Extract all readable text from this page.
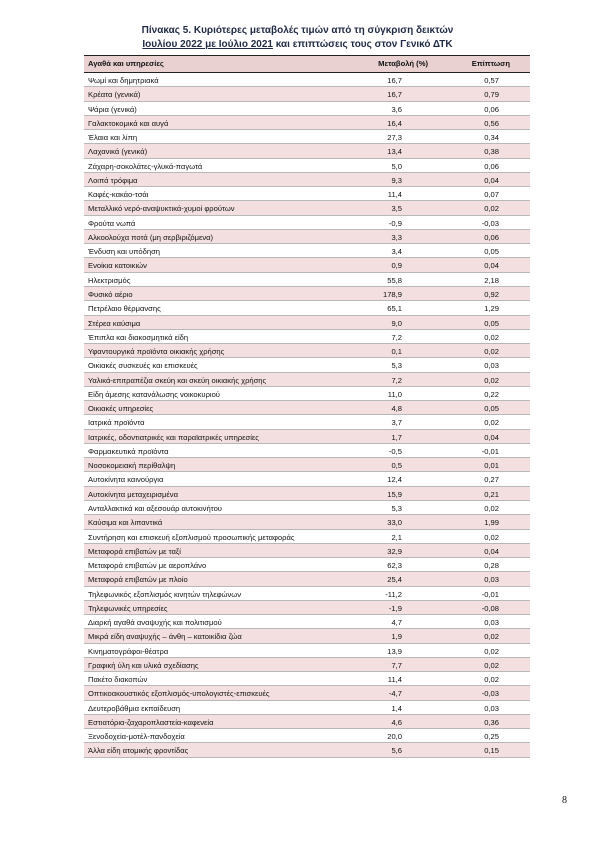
Πίνακας 5. Κυριότερες μεταβολές τιμών από τη σύγκριση δεικτών
Ιουλίου 2022 με Ιούλιο 2021 και επιπτώσεις τους στον Γενικό ΔΤΚ
Αγαθά και υπηρεσίες	Μεταβολή (%)	Επίπτωση
Ψωμί και δημητριακά	16,7	0,57
Κρέατα (γενικά)	16,7	0,79
Ψάρια (γενικά)	3,6	0,06
Γαλακτοκομικά και αυγά	16,4	0,56
Έλαια και λίπη	27,3	0,34
Λαχανικά (γενικά)	13,4	0,38
Ζάχαρη-σοκολάτες-γλυκά-παγωτά	5,0	0,06
Λοιπά τρόφιμα	9,3	0,04
Καφές-κακάο-τσάι	11,4	0,07
Μεταλλικό νερό-αναψυκτικά-χυμοί φρούτων	3,5	0,02
Φρούτα νωπά	-0,9	-0,03
Αλκοολούχα ποτά (μη σερβιριζόμενα)	3,3	0,06
Ένδυση και υπόδηση	3,4	0,05
Ενοίκια κατοικιών	0,9	0,04
Ηλεκτρισμός	55,8	2,18
Φυσικό αέριο	178,9	0,92
Πετρέλαιο θέρμανσης	65,1	1,29
Στέρεα καύσιμα	9,0	0,05
Έπιπλα και διακοσμητικά είδη	7,2	0,02
Υφαντουργικά προϊόντα οικιακής χρήσης	0,1	0,02
Οικιακές συσκευές και επισκευές	5,3	0,03
Υαλικά-επιτραπέζια σκεύη και σκεύη οικιακής χρήσης	7,2	0,02
Είδη άμεσης κατανάλωσης νοικοκυριού	11,0	0,22
Οικιακές υπηρεσίες	4,8	0,05
Ιατρικά προϊόντα	3,7	0,02
Ιατρικές, οδοντιατρικές και παραϊατρικές υπηρεσίες	1,7	0,04
Φαρμακευτικά προϊόντα	-0,5	-0,01
Νοσοκομειακή περίθαλψη	0,5	0,01
Αυτοκίνητα καινούργια	12,4	0,27
Αυτοκίνητα μεταχειρισμένα	15,9	0,21
Ανταλλακτικά και αξεσουάρ αυτοκινήτου	5,3	0,02
Καύσιμα και λιπαντικά	33,0	1,99
Συντήρηση και επισκευή εξοπλισμού προσωπικής μεταφοράς	2,1	0,02
Μεταφορά επιβατών με ταξί	32,9	0,04
Μεταφορά επιβατών με αεροπλάνο	62,3	0,28
Μεταφορά επιβατών με πλοίο	25,4	0,03
Τηλεφωνικός εξοπλισμός κινητών τηλεφώνων	-11,2	-0,01
Τηλεφωνικές υπηρεσίες	-1,9	-0,08
Διαρκή αγαθά αναψυχής και πολιτισμού	4,7	0,03
Μικρά είδη αναψυχής – άνθη – κατοικίδια ζώα	1,9	0,02
Κινηματογράφοι-θέατρα	13,9	0,02
Γραφική ύλη και υλικά σχεδίασης	7,7	0,02
Πακέτο διακοπών	11,4	0,02
Οπτικοακουστικός εξοπλισμός-υπολογιστές-επισκευές	-4,7	-0,03
Δευτεροβάθμια εκπαίδευση	1,4	0,03
Εστιατόρια-ζαχαροπλαστεία-καφενεία	4,6	0,36
Ξενοδοχεία-μοτέλ-πανδοχεία	20,0	0,25
Άλλα είδη ατομικής φροντίδας	5,6	0,15
8
